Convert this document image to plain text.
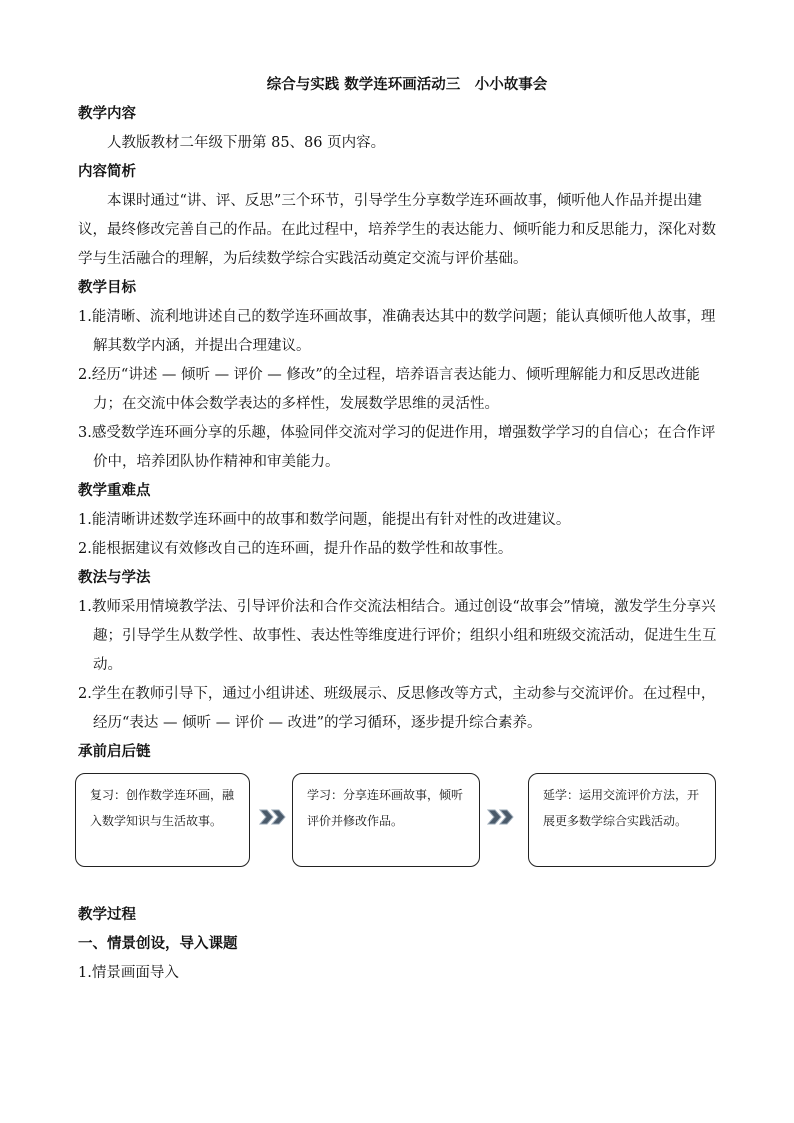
综合与实践 数学连环画活动三　小小故事会
教学内容
人教版教材二年级下册第 85、86 页内容。
内容简析
本课时通过“讲、评、反思”三个环节，引导学生分享数学连环画故事，倾听他人作品并提出建议，最终修改完善自己的作品。在此过程中，培养学生的表达能力、倾听能力和反思能力，深化对数学与生活融合的理解，为后续数学综合实践活动奠定交流与评价基础。
教学目标
1.能清晰、流利地讲述自己的数学连环画故事，准确表达其中的数学问题；能认真倾听他人故事，理解其数学内涵，并提出合理建议。
2.经历“讲述 — 倾听 — 评价 — 修改”的全过程，培养语言表达能力、倾听理解能力和反思改进能力；在交流中体会数学表达的多样性，发展数学思维的灵活性。
3.感受数学连环画分享的乐趣，体验同伴交流对学习的促进作用，增强数学学习的自信心；在合作评价中，培养团队协作精神和审美能力。
教学重难点
1.能清晰讲述数学连环画中的故事和数学问题，能提出有针对性的改进建议。
2.能根据建议有效修改自己的连环画，提升作品的数学性和故事性。
教法与学法
1.教师采用情境教学法、引导评价法和合作交流法相结合。通过创设“故事会”情境，激发学生分享兴趣；引导学生从数学性、故事性、表达性等维度进行评价；组织小组和班级交流活动，促进生生互动。
2.学生在教师引导下，通过小组讲述、班级展示、反思修改等方式，主动参与交流评价。在过程中，经历“表达 — 倾听 — 评价 — 改进”的学习循环，逐步提升综合素养。
承前启后链
复习：创作数学连环画，融入数学知识与生活故事。
学习：分享连环画故事，倾听评价并修改作品。
延学：运用交流评价方法，开展更多数学综合实践活动。
教学过程
一、情景创设，导入课题
1.情景画面导入
